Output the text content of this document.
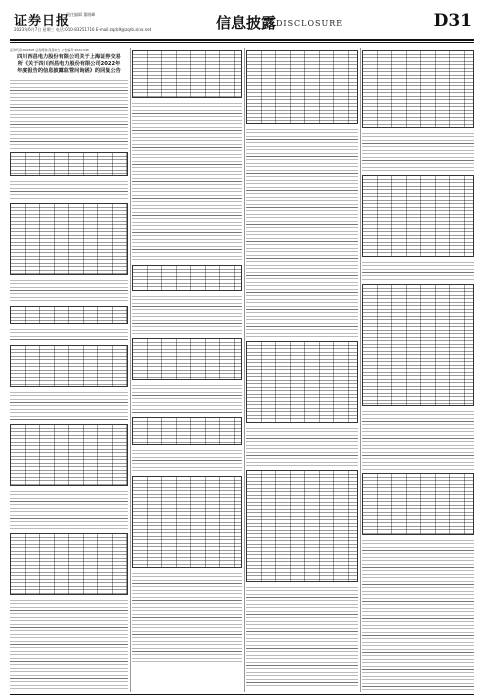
证券日报
责任编辑 董晓峰
2023年6月7日 星期三 电话:010-83251716 E-mail:zqrb9@zqrb.sina.net	信息披露 DISCLOSURE	D31
证券代码:600505 证券简称:西昌电力 公告编号:2023-046
四川西昌电力股份有限公司关于上海证券交易所《关于四川西昌电力股份有限公司2022年年度报告的信息披露监管问询函》的回复公告
